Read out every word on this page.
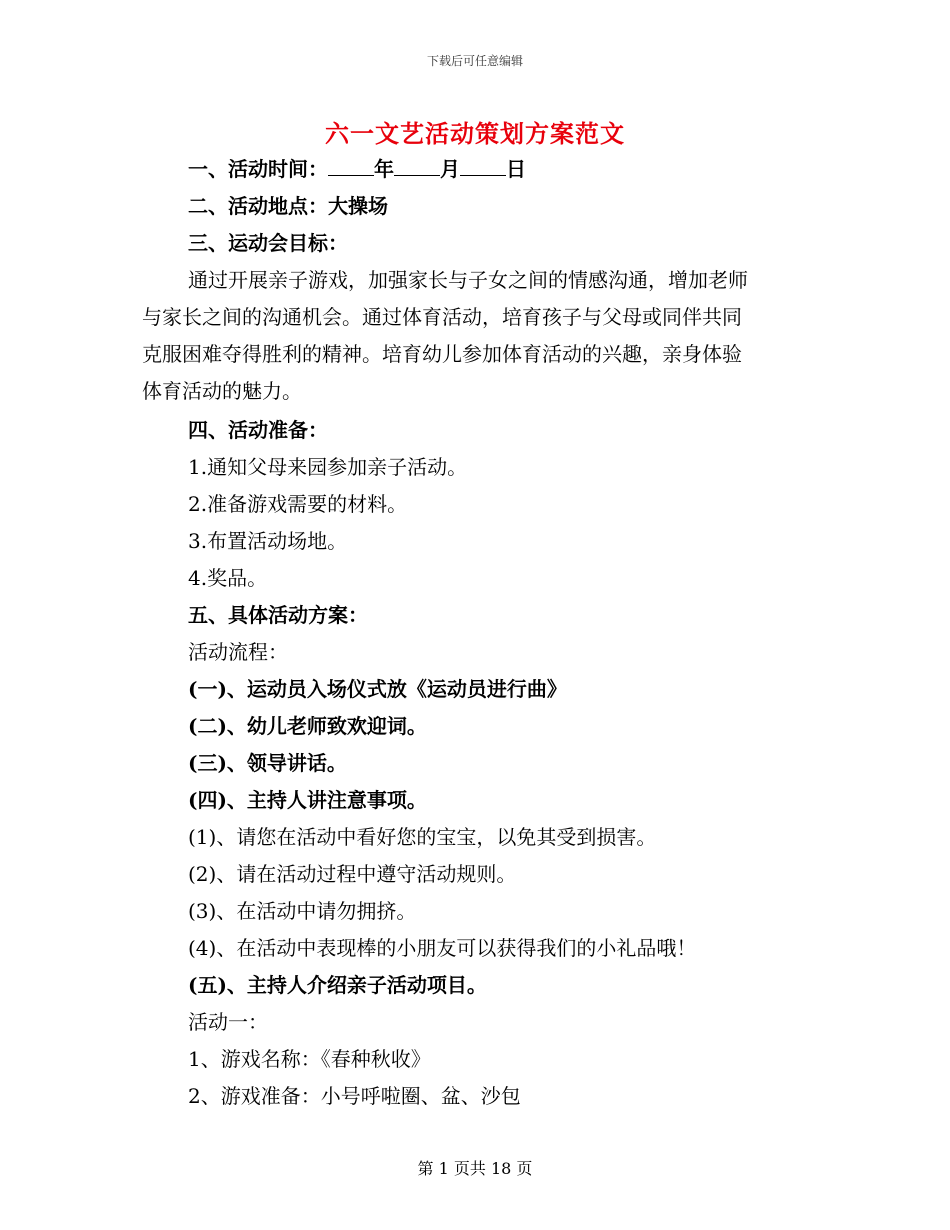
下载后可任意编辑
六一文艺活动策划方案范文
一、活动时间： 年 月 日
二、活动地点：大操场
三、运动会目标：
通过开展亲子游戏，加强家长与子女之间的情感沟通，增加老师
与家长之间的沟通机会。通过体育活动，培育孩子与父母或同伴共同
克服困难夺得胜利的精神。培育幼儿参加体育活动的兴趣，亲身体验
体育活动的魅力。
四、活动准备：
1.通知父母来园参加亲子活动。
2.准备游戏需要的材料。
3.布置活动场地。
4.奖品。
五、具体活动方案：
活动流程：
(一)、运动员入场仪式放《运动员进行曲》
(二)、幼儿老师致欢迎词。
(三)、领导讲话。
(四)、主持人讲注意事项。
(1)、请您在活动中看好您的宝宝，以免其受到损害。
(2)、请在活动过程中遵守活动规则。
(3)、在活动中请勿拥挤。
(4)、在活动中表现棒的小朋友可以获得我们的小礼品哦！
(五)、主持人介绍亲子活动项目。
活动一：
1、游戏名称：《春种秋收》
2、游戏准备：小号呼啦圈、盆、沙包
第 1 页共 18 页
